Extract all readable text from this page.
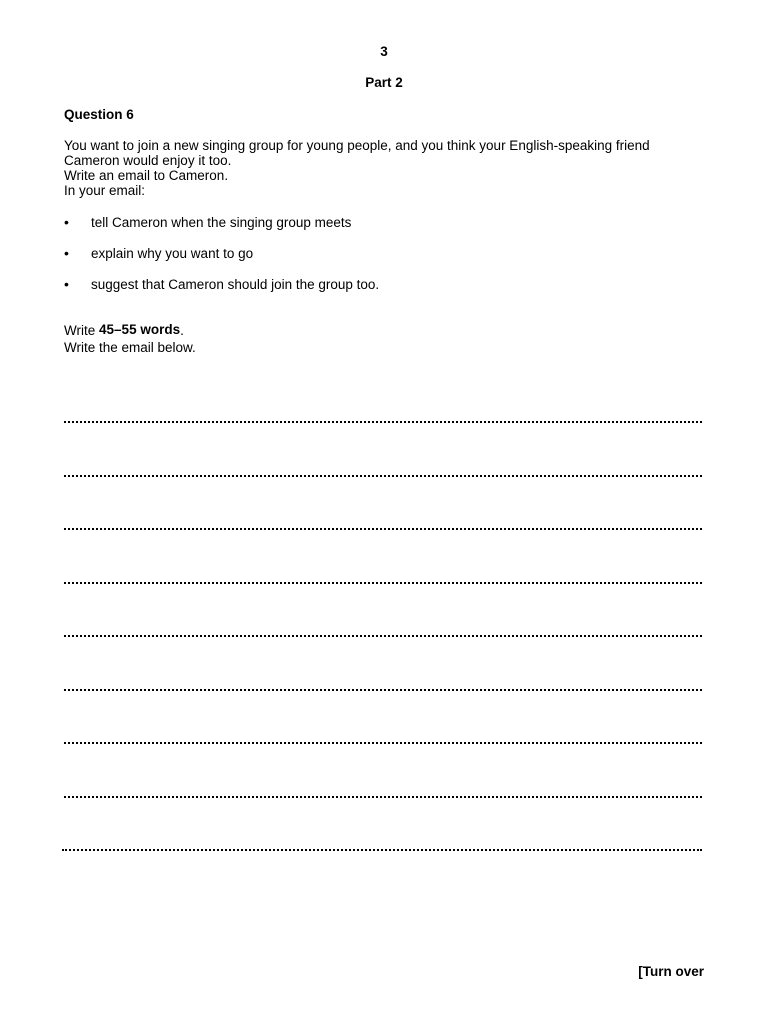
3
Part 2
Question 6

You want to join a new singing group for young people, and you think your English-speaking friend

Cameron would enjoy it too.

Write an email to Cameron.

In your email:

• tell Cameron when the singing group meets
• explain why you want to go
• suggest that Cameron should join the group too.
Write 45–55 words.
Write the email below.
[Turn over
